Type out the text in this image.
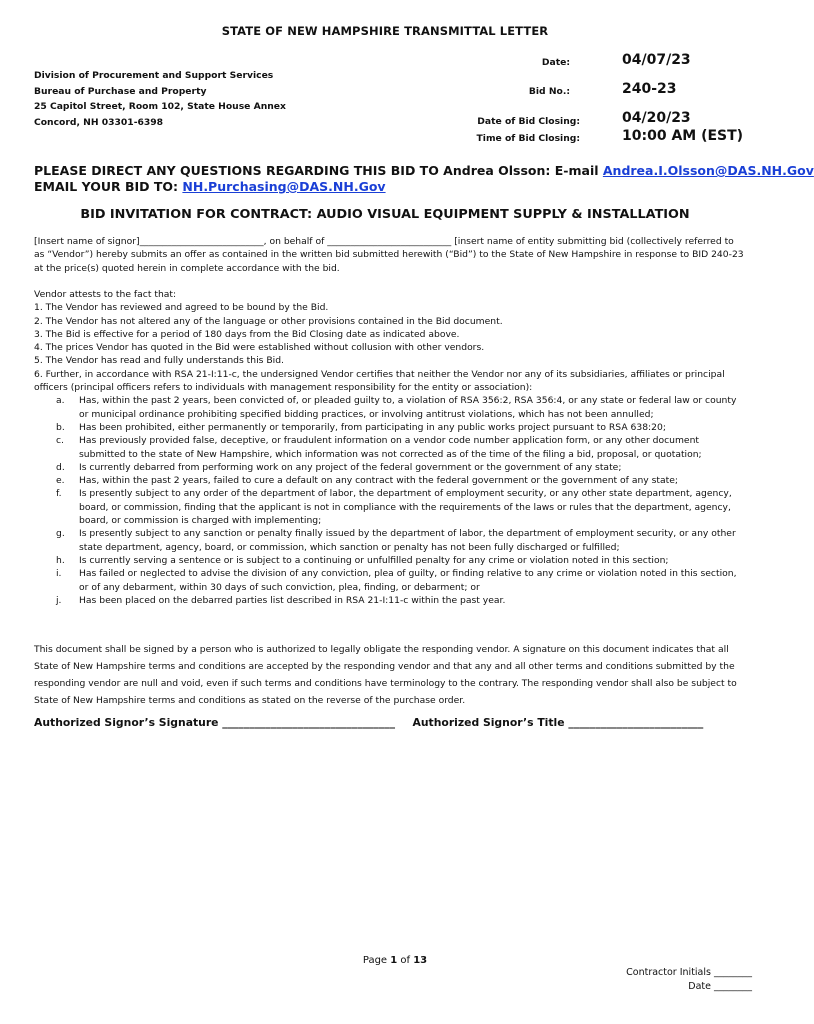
STATE OF NEW HAMPSHIRE TRANSMITTAL LETTER
Division of Procurement and Support Services
Bureau of Purchase and Property
25 Capitol Street, Room 102, State House Annex
Concord, NH 03301-6398
Date:	04/07/23
Bid No.:	240-23
Date of Bid Closing:	04/20/23
Time of Bid Closing:	10:00 AM (EST)
PLEASE DIRECT ANY QUESTIONS REGARDING THIS BID TO Andrea Olsson: E-mail Andrea.I.Olsson@DAS.NH.Gov
EMAIL YOUR BID TO: NH.Purchasing@DAS.NH.Gov
BID INVITATION FOR CONTRACT: AUDIO VISUAL EQUIPMENT SUPPLY & INSTALLATION

[Insert name of signor]___________________________, on behalf of ___________________________ [insert name of entity submitting bid (collectively referred to as “Vendor”) hereby submits an offer as contained in the written bid submitted herewith (“Bid”) to the State of New Hampshire in response to BID 240-23 at the price(s) quoted herein in complete accordance with the bid.

Vendor attests to the fact that:

1. The Vendor has reviewed and agreed to be bound by the Bid.
2. The Vendor has not altered any of the language or other provisions contained in the Bid document.
3. The Bid is effective for a period of 180 days from the Bid Closing date as indicated above.
4. The prices Vendor has quoted in the Bid were established without collusion with other vendors.
5. The Vendor has read and fully understands this Bid.
6. Further, in accordance with RSA 21-I:11-c, the undersigned Vendor certifies that neither the Vendor nor any of its subsidiaries, affiliates or principal officers (principal officers refers to individuals with management responsibility for the entity or association):
a. Has, within the past 2 years, been convicted of, or pleaded guilty to, a violation of RSA 356:2, RSA 356:4, or any state or federal law or county or municipal ordinance prohibiting specified bidding practices, or involving antitrust violations, which has not been annulled;
b. Has been prohibited, either permanently or temporarily, from participating in any public works project pursuant to RSA 638:20;
c. Has previously provided false, deceptive, or fraudulent information on a vendor code number application form, or any other document submitted to the state of New Hampshire, which information was not corrected as of the time of the filing a bid, proposal, or quotation;
d. Is currently debarred from performing work on any project of the federal government or the government of any state;
e. Has, within the past 2 years, failed to cure a default on any contract with the federal government or the government of any state;
f. Is presently subject to any order of the department of labor, the department of employment security, or any other state department, agency, board, or commission, finding that the applicant is not in compliance with the requirements of the laws or rules that the department, agency, board, or commission is charged with implementing;
g. Is presently subject to any sanction or penalty finally issued by the department of labor, the department of employment security, or any other state department, agency, board, or commission, which sanction or penalty has not been fully discharged or fulfilled;
h. Is currently serving a sentence or is subject to a continuing or unfulfilled penalty for any crime or violation noted in this section;
i. Has failed or neglected to advise the division of any conviction, plea of guilty, or finding relative to any crime or violation noted in this section, or of any debarment, within 30 days of such conviction, plea, finding, or debarment; or
j. Has been placed on the debarred parties list described in RSA 21-I:11-c within the past year.

This document shall be signed by a person who is authorized to legally obligate the responding vendor. A signature on this document indicates that all State of New Hampshire terms and conditions are accepted by the responding vendor and that any and all other terms and conditions submitted by the responding vendor are null and void, even if such terms and conditions have terminology to the contrary. The responding vendor shall also be subject to State of New Hampshire terms and conditions as stated on the reverse of the purchase order.

Authorized Signor’s Signature ________________________________ Authorized Signor’s Title _________________________
Page 1 of 13
Contractor Initials ________
Date ________
